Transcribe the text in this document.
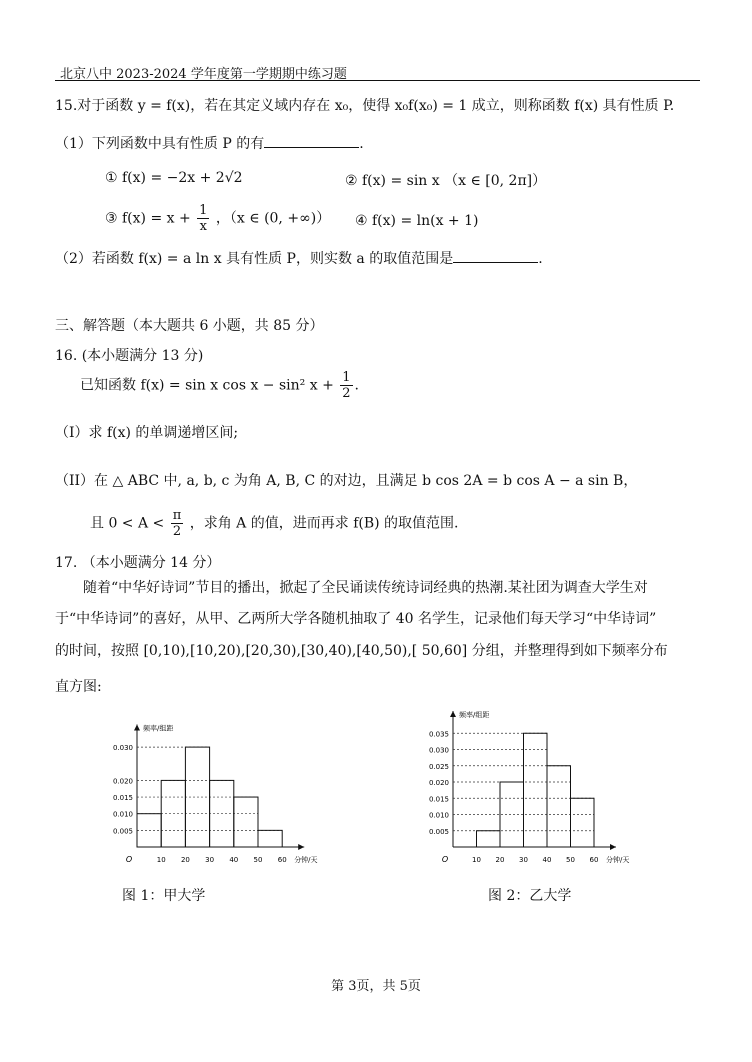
北京八中 2023-2024 学年度第一学期期中练习题
15.对于函数 y = f(x)，若在其定义域内存在 x₀，使得 x₀f(x₀) = 1 成立，则称函数 f(x) 具有性质 P.
（1）下列函数中具有性质 P 的有	.
① f(x) = −2x + 2√2	② f(x) = sin x （x ∈ [0, 2π]）
③ $f(x) = x + \frac{1}{x}$ ，（x ∈ (0, +∞)） ④ f(x) = ln(x + 1)
（2）若函数 f(x) = a ln x 具有性质 P，则实数 a 的取值范围是	.
三、解答题（本大题共 6 小题，共 85 分）
16. (本小题满分 13 分)
已知函数 f(x) = sin x cos x − sin² $x + \frac{1}{2}$ .
（I）求 f(x) 的单调递增区间;
（II）在 △ ABC 中, a, b, c 为角 A, B, C 的对边，且满足 b cos 2A = b cos A − a sin B，
且 $0 < A < \frac{\pi}{2}$ ，求角 A 的值，进而再求 f(B) 的取值范围.
17. （本小题满分 14 分）
随着“中华好诗词”节目的播出，掀起了全民诵读传统诗词经典的热潮.某社团为调查大学生对
于“中华诗词”的喜好，从甲、乙两所大学各随机抽取了 40 名学生，记录他们每天学习“中华诗词”
的时间，按照 [0,10),[10,20),[20,30),[30,40),[40,50),[ 50,60] 分组，并整理得到如下频率分布
直方图:
0.005
0.010
0.015
0.020
0.030
10 20 30 40 50 60
O	分钟/天
频率/组距
0.005
0.010
0.015
0.020
0.025
0.030
0.035
10 20 30 40 50 60
O	分钟/天
频率/组距
图 1：甲大学	图 2：乙大学
第 3页，共 5页
